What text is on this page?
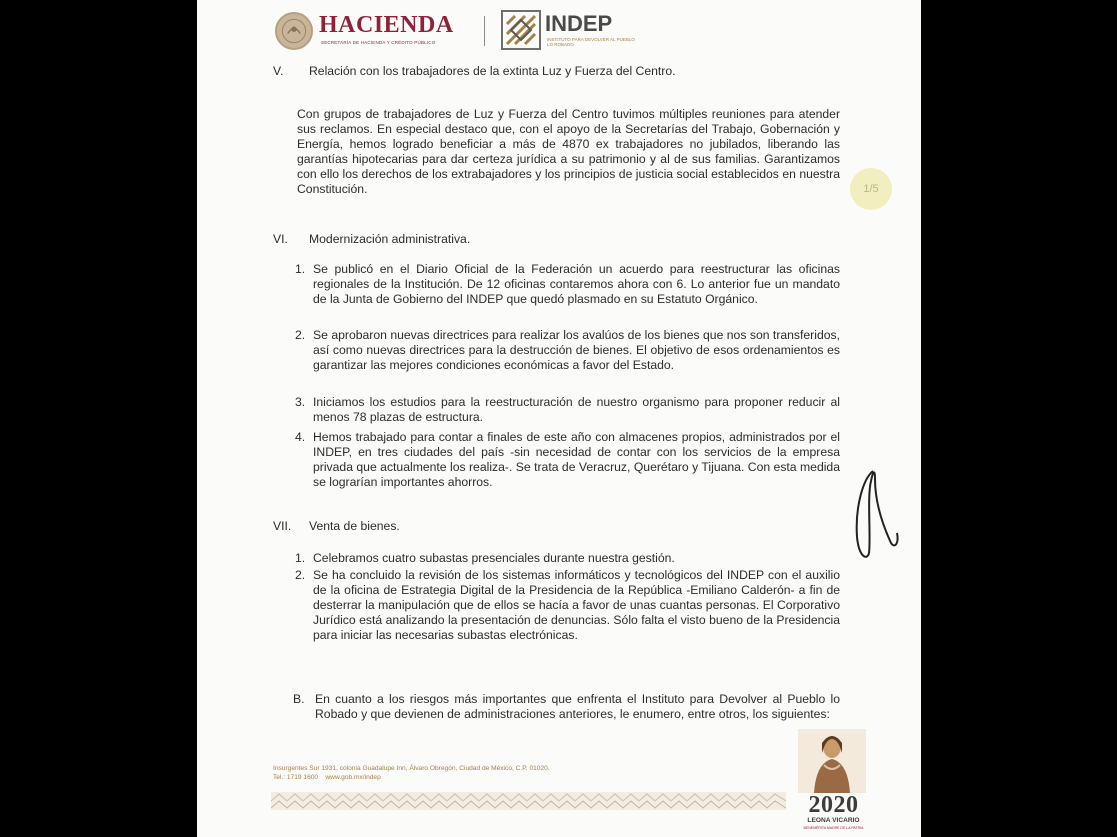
HACIENDA
SECRETARÍA DE HACIENDA Y CRÉDITO PÚBLICO
INDEP
INSTITUTO PARA DEVOLVER AL PUEBLO LO ROBADO
1/5
V. Relación con los trabajadores de la extinta Luz y Fuerza del Centro.
Con grupos de trabajadores de Luz y Fuerza del Centro tuvimos múltiples reuniones para atender sus reclamos. En especial destaco que, con el apoyo de la Secretarías del Trabajo, Gobernación y Energía, hemos logrado beneficiar a más de 4870 ex trabajadores no jubilados, liberando las garantías hipotecarias para dar certeza jurídica a su patrimonio y al de sus familias. Garantizamos con ello los derechos de los extrabajadores y los principios de justicia social establecidos en nuestra Constitución.
VI. Modernización administrativa.
1. Se publicó en el Diario Oficial de la Federación un acuerdo para reestructurar las oficinas regionales de la Institución. De 12 oficinas contaremos ahora con 6. Lo anterior fue un mandato de la Junta de Gobierno del INDEP que quedó plasmado en su Estatuto Orgánico.
2. Se aprobaron nuevas directrices para realizar los avalúos de los bienes que nos son transferidos, así como nuevas directrices para la destrucción de bienes. El objetivo de esos ordenamientos es garantizar las mejores condiciones económicas a favor del Estado.
3. Iniciamos los estudios para la reestructuración de nuestro organismo para proponer reducir al menos 78 plazas de estructura.
4. Hemos trabajado para contar a finales de este año con almacenes propios, administrados por el INDEP, en tres ciudades del país -sin necesidad de contar con los servicios de la empresa privada que actualmente los realiza-. Se trata de Veracruz, Querétaro y Tijuana. Con esta medida se lograrían importantes ahorros.
VII. Venta de bienes.
1. Celebramos cuatro subastas presenciales durante nuestra gestión.
2. Se ha concluido la revisión de los sistemas informáticos y tecnológicos del INDEP con el auxilio de la oficina de Estrategia Digital de la Presidencia de la República -Emiliano Calderón- a fin de desterrar la manipulación que de ellos se hacía a favor de unas cuantas personas. El Corporativo Jurídico está analizando la presentación de denuncias. Sólo falta el visto bueno de la Presidencia para iniciar las necesarias subastas electrónicas.
B. En cuanto a los riesgos más importantes que enfrenta el Instituto para Devolver al Pueblo lo Robado y que devienen de administraciones anteriores, le enumero, entre otros, los siguientes:
Insurgentes Sur 1931, colonia Guadalupe Inn, Álvaro Obregón, Ciudad de México, C.P. 01020.
Tel.: 1719 1600 www.gob.mx/indep
2020
LEONA VICARIO
BENEMÉRITA MADRE DE LA PATRIA
